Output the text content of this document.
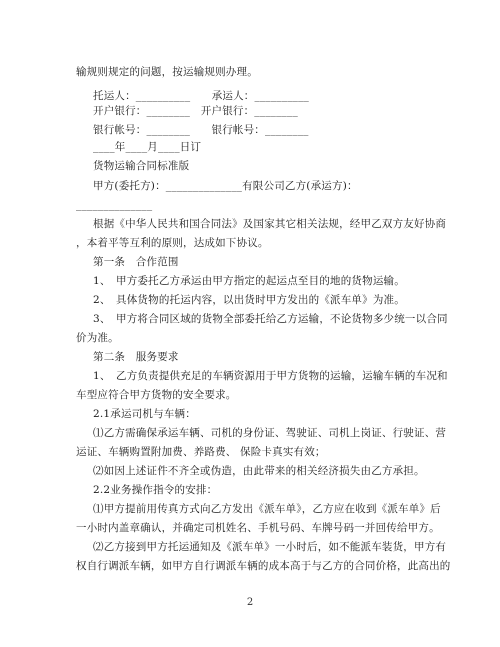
输规则规定的问题，按运输规则办理。
托运人：__________　　承运人：__________
开户银行：________　开户银行：________
银行帐号：________　　银行帐号：________
____年____月____日订
货物运输合同标准版
甲方(委托方)：______________有限公司乙方(承运方)：
______________
根据《中华人民共和国合同法》及国家其它相关法规，经甲乙双方友好协商
，本着平等互利的原则，达成如下协议。
第一条　合作范围
1、　甲方委托乙方承运由甲方指定的起运点至目的地的货物运输。
2、　具体货物的托运内容，以出货时甲方发出的《派车单》为准。
3、　甲方将合同区域的货物全部委托给乙方运输，不论货物多少统一以合同
价为准。
第二条　服务要求
1、　乙方负责提供充足的车辆资源用于甲方货物的运输，运输车辆的车况和
车型应符合甲方货物的安全要求。
2.1承运司机与车辆：
⑴乙方需确保承运车辆、司机的身份证、驾驶证、司机上岗证、行驶证、营
运证、车辆购置附加费、养路费、 保险卡真实有效；
⑵如因上述证件不齐全或伪造，由此带来的相关经济损失由乙方承担。
2.2业务操作指令的安排：
⑴甲方提前用传真方式向乙方发出《派车单》，乙方应在收到《派车单》后
一小时内盖章确认，并确定司机姓名、手机号码、车牌号码一并回传给甲方。
⑵乙方接到甲方托运通知及《派车单》一小时后，如不能派车装货，甲方有
权自行调派车辆，如甲方自行调派车辆的成本高于与乙方的合同价格，此高出的
2
